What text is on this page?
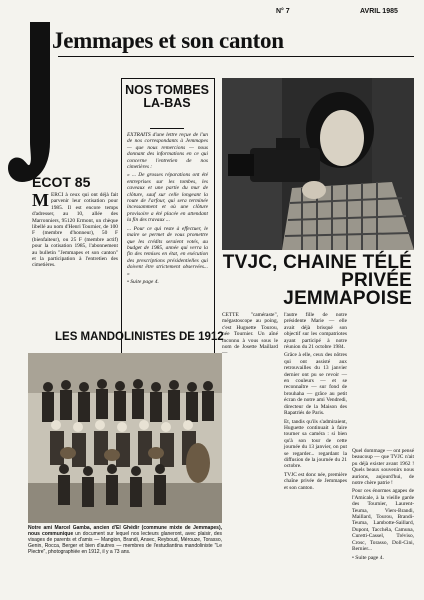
Jemmapes et son canton
N° 7	AVRIL 1985
ECOT 85
MERCI à ceux qui ont déjà fait parvenir leur cotisation pour 1985. Il est encore temps d'adresser, au 10, allée des Marronniers, 95120 Ermont, un chèque libellé au nom d'Henri Tournier, de 100 F (membre d'honneur), 50 F (bienfaiteur), ou 25 F (membre actif) pour la cotisation 1985, l'abonnement au bulletin "Jemmapes et son canton" et la participation à l'entretien des cimetières.
NOS TOMBES LA-BAS

EXTRAITS d'une lettre reçue de l'un de nos correspondants à Jemmapes — que nous remercions — nous donnant des informations en ce qui concerne l'entretien de nos cimetières :

« ... De grosses réparations ont été entreprises sur les tombes, les caveaux et une partie du mur de clôture, sauf sur celle longeant la route de l'arfour, qui sera terminée incessamment et où une clôture provisoire a été placée en attendant la fin des travaux ...

... Pour ce qui reste à effectuer, le maire se permet de vous promettre que les crédits seraient votés, au budget de 1985, année qui verra la fin des remises en état, en exécution des prescriptions présidentielles qui doivent être strictement observées... »

• Suite page 4.

TVJC, CHAINE TÉLÉ PRIVÉE JEMMAPOISE

CETTE "caméraste", mégastoscope au poing, c'est Huguette Tourou, née Tournier. Un aîné inconnu à vous sous le nom de Josette Maillard —

l'autre fille de notre présidente Marie — elle avait déjà brisqué son objectif sur les compatriotes ayant participé à notre réunion du 21 octobre 1984.

Grâce à elle, ceux des nôtres qui ont assisté aux retrouvailles du 13 janvier dernier ont pu se revoir — en couleurs — et se reconnaître — sur fond de brouhaha — grâce au petit écran de notre ami Vendredi, directeur de la Maison des Rapatriés de Paris.

Et, tandis qu'ils s'admiraient, Huguette continuait à faire tourner sa caméra : si bien qu'à son tour de cette journée du 13 janvier, on put se regarder... regardant la diffusion de la journée du 21 octobre.

TVJC est donc née, première chaîne privée de Jemmapes et son canton.

Quel dommage — ont pensé beaucoup — que TVJC n'ait pu déjà exister avant 1962 ! Quels beaux souvenirs nous aurions, aujourd'hui, de notre chère patrie !

Pour ces énormes agapes de l'Amicale, à la vieille garde des Tournier, Laurent-Teuma, Viers-Brandi, Maillard, Tourou, Brandi-Teuma, Lambotte-Saillard, Dupont, Tacchéla, Camuna, Curetti-Cassel, Tréviso, Crosc, Torasso, Doll-Cini, Bernier...

• Suite page 4.

LES MANDOLINISTES DE 1912
Notre ami Marcel Gamba, ancien d'El Ghédir (commune mixte de Jemmapes), nous communique un document sur lequel nos lecteurs glaneront, avec plaisir, des visages de parents et d'amis — Mangion, Brandi, Ansec, Reyboud, Mérouze, Torasso, Genin, Rocca, Berger et bien d'autres — membres de l'estudiantina mandoliniste "Le Plectre", photographiée en 1912, il y a 73 ans.
